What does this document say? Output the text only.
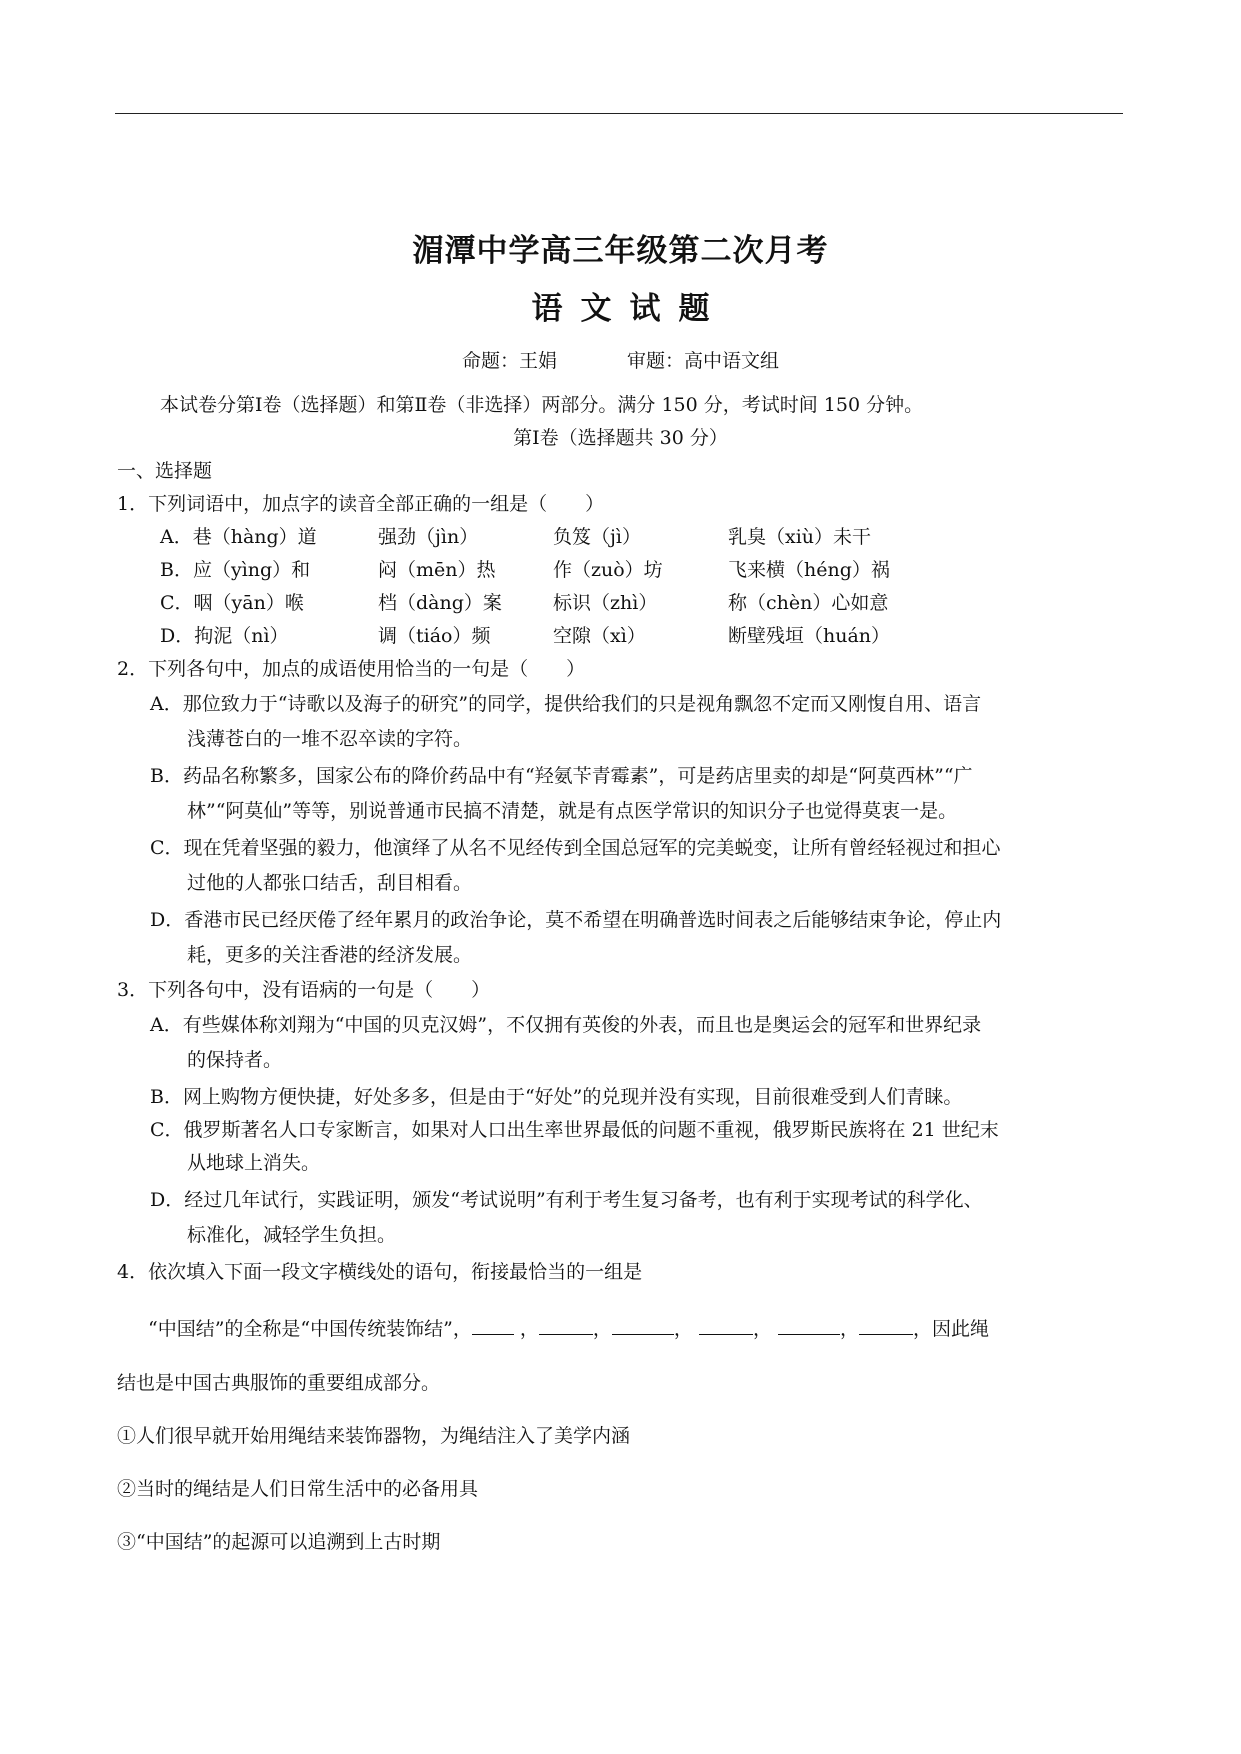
湄潭中学高三年级第二次月考
语文试题
命题：王娟	审题：高中语文组
本试卷分第Ⅰ卷（选择题）和第Ⅱ卷（非选择）两部分。满分 150 分，考试时间 150 分钟。
第Ⅰ卷（选择题共 30 分）
一、选择题
1．下列词语中，加点字的读音全部正确的一组是（　　）
A．巷（hàng）道	强劲（jìn）	负笈（jì）	乳臭（xiù）未干
B．应（yìng）和	闷（mēn）热	作（zuò）坊	飞来横（héng）祸
C．咽（yān）喉	档（dàng）案	标识（zhì）	称（chèn）心如意
D．拘泥（nì）	调（tiáo）频	空隙（xì）	断壁残垣（huán）
2．下列各句中，加点的成语使用恰当的一句是（　　）
A．那位致力于“诗歌以及海子的研究”的同学，提供给我们的只是视角飘忽不定而又刚愎自用、语言
浅薄苍白的一堆不忍卒读的字符。
B．药品名称繁多，国家公布的降价药品中有“羟氨苄青霉素”，可是药店里卖的却是“阿莫西林”“广
林”“阿莫仙”等等，别说普通市民搞不清楚，就是有点医学常识的知识分子也觉得莫衷一是。
C．现在凭着坚强的毅力，他演绎了从名不见经传到全国总冠军的完美蜕变，让所有曾经轻视过和担心
过他的人都张口结舌，刮目相看。
D．香港市民已经厌倦了经年累月的政治争论，莫不希望在明确普选时间表之后能够结束争论，停止内
耗，更多的关注香港的经济发展。
3．下列各句中，没有语病的一句是（　　）
A．有些媒体称刘翔为“中国的贝克汉姆”，不仅拥有英俊的外表，而且也是奥运会的冠军和世界纪录
的保持者。
B．网上购物方便快捷，好处多多，但是由于“好处”的兑现并没有实现，目前很难受到人们青睐。
C．俄罗斯著名人口专家断言，如果对人口出生率世界最低的问题不重视，俄罗斯民族将在 21 世纪末
从地球上消失。
D．经过几年试行，实践证明，颁发“考试说明”有利于考生复习备考，也有利于实现考试的科学化、
标准化，减轻学生负担。
4．依次填入下面一段文字横线处的语句，衔接最恰当的一组是
“中国结”的全称是“中国传统装饰结”， ，	，	，	，	，	，因此绳
结也是中国古典服饰的重要组成部分。
①人们很早就开始用绳结来装饰器物，为绳结注入了美学内涵
②当时的绳结是人们日常生活中的必备用具
③“中国结”的起源可以追溯到上古时期
